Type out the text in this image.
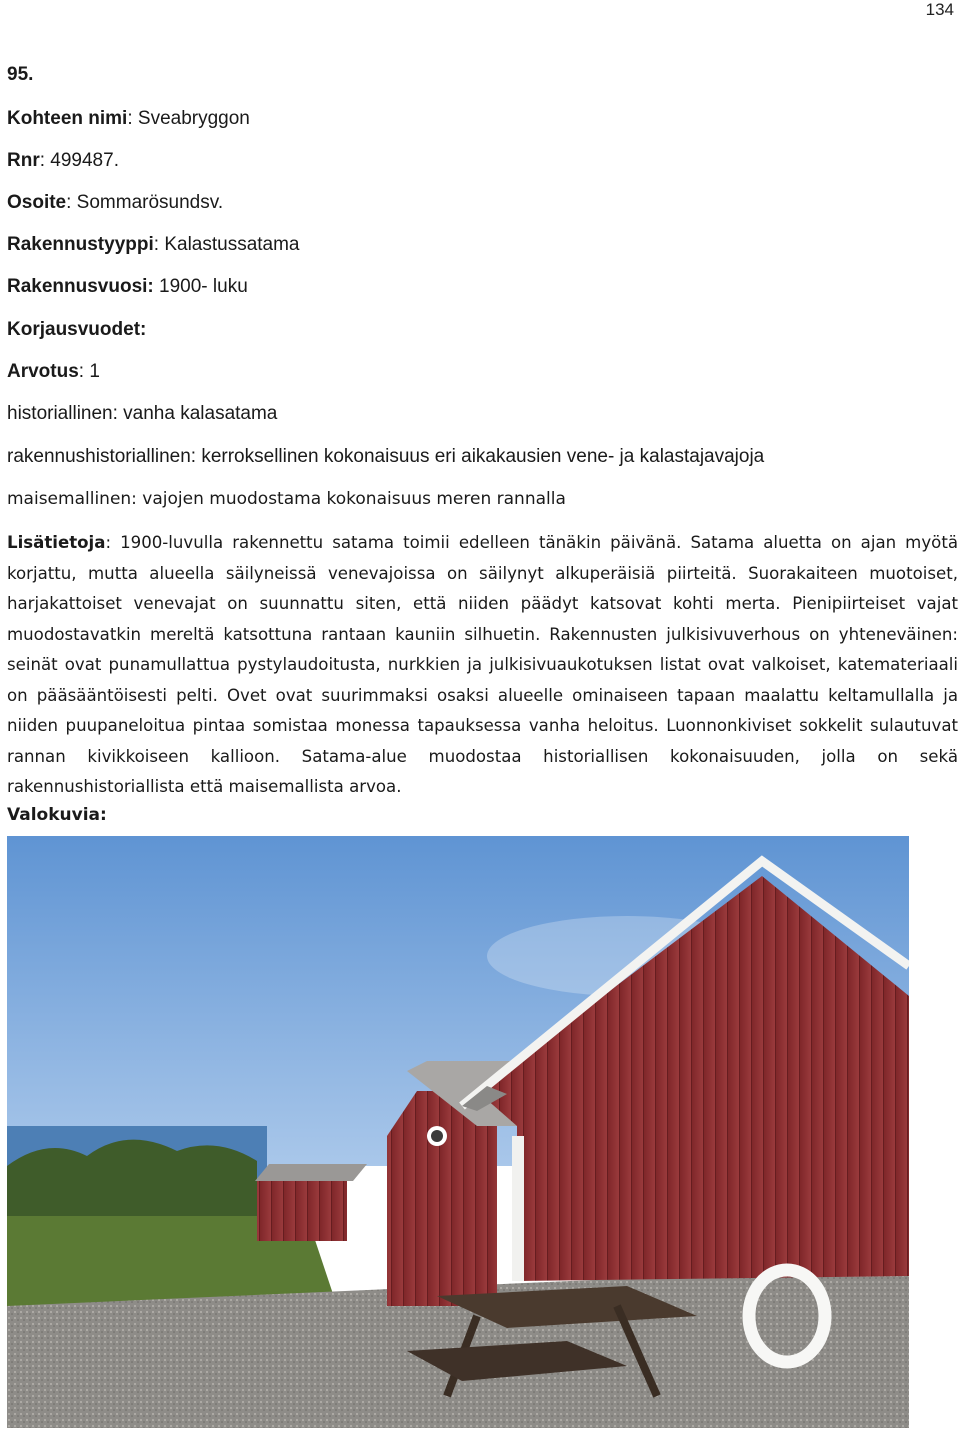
134
95.
Kohteen nimi: Sveabryggon
Rnr: 499487.
Osoite: Sommarösundsv.
Rakennustyyppi: Kalastussatama
Rakennusvuosi: 1900- luku
Korjausvuodet:
Arvotus: 1
historiallinen: vanha kalasatama
rakennushistoriallinen: kerroksellinen kokonaisuus eri aikakausien vene- ja kalastajavajoja
maisemallinen: vajojen muodostama kokonaisuus meren rannalla

Lisätietoja: 1900-luvulla rakennettu satama toimii edelleen tänäkin päivänä. Satama aluetta on ajan myötä korjattu, mutta alueella säilyneissä venevajoissa on säilynyt alkuperäisiä piirteitä. Suorakaiteen muotoiset, harjakattoiset venevajat on suunnattu siten, että niiden päädyt katsovat kohti merta. Pienipiirteiset vajat muodostavatkin mereltä katsottuna rantaan kauniin silhuetin. Rakennusten julkisivuverhous on yhteneväinen: seinät ovat punamullattua pystylaudoitusta, nurkkien ja julkisivuaukotuksen listat ovat valkoiset, katemateriaali on pääsääntöisesti pelti. Ovet ovat suurimmaksi osaksi alueelle ominaiseen tapaan maalattu keltamullalla ja niiden puupaneloitua pintaa somistaa monessa tapauksessa vanha heloitus. Luonnonkiviset sokkelit sulautuvat rannan kivikkoiseen kallioon. Satama-alue muodostaa historiallisen kokonaisuuden, jolla on sekä rakennushistoriallista että maisemallista arvoa.

Valokuvia:
